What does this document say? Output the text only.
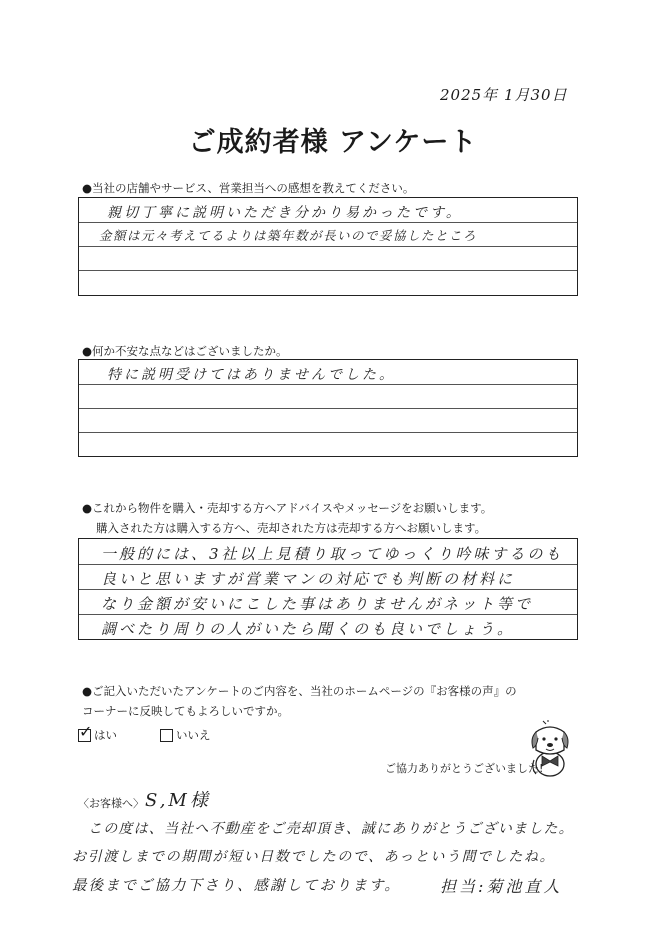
2025年 1月30日
ご成約者様 アンケート
●当社の店舗やサービス、営業担当への感想を教えてください。
親切丁寧に説明いただき分かり易かったです。
金額は元々考えてるよりは築年数が長いので妥協したところ
●何か不安な点などはございましたか。
特に説明受けてはありませんでした。
●これから物件を購入・売却する方へアドバイスやメッセージをお願いします。
購入された方は購入する方へ、売却された方は売却する方へお願いします。
一般的には、3社以上見積り取ってゆっくり吟味するのも
良いと思いますが営業マンの対応でも判断の材料に
なり金額が安いにこした事はありませんがネット等で
調べたり周りの人がいたら聞くのも良いでしょう。
●ご記入いただいたアンケートのご内容を、当社のホームページの『お客様の声』の
コーナーに反映してもよろしいですか。
✓ はい	いいえ
ご協力ありがとうございました!
〈お客様へ〉 S,M様
この度は、当社へ不動産をご売却頂き、誠にありがとうございました。
お引渡しまでの期間が短い日数でしたので、あっという間でしたね。
最後までご協力下さり、感謝しております。 担当:菊池直人
